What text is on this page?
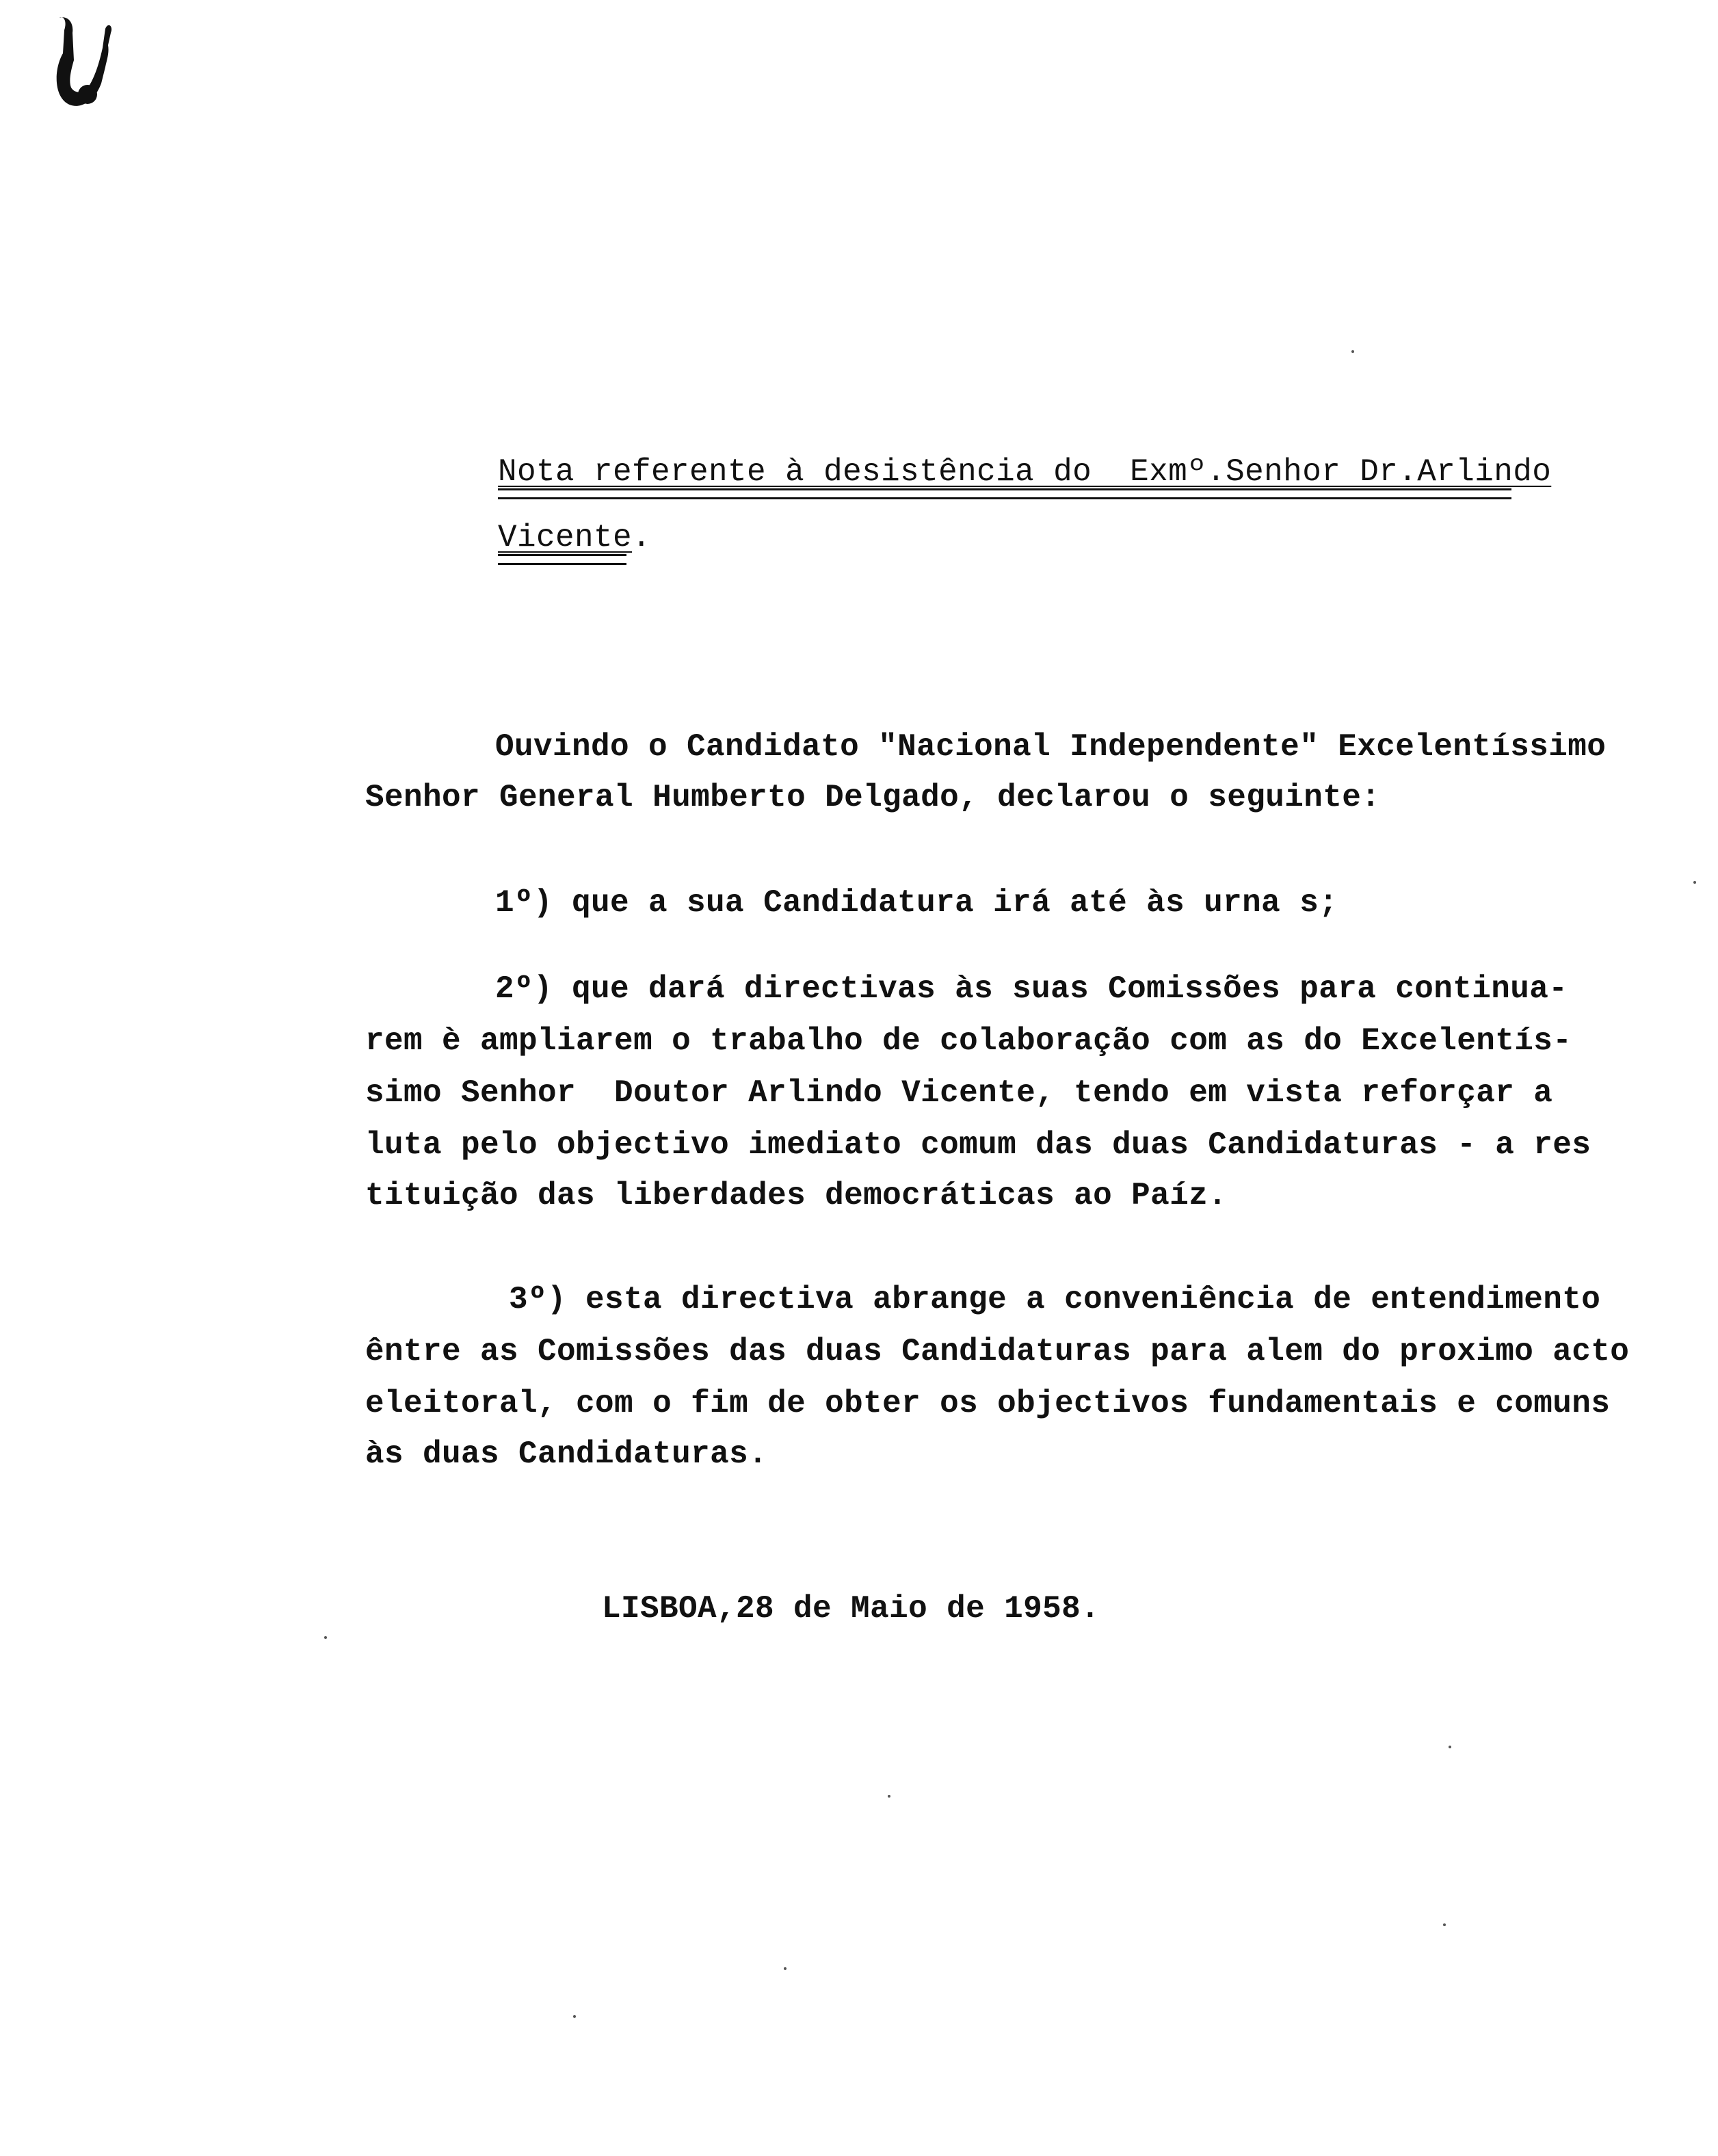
Nota referente à desistência do  Exmº.Senhor Dr.Arlindo
Vicente.
Ouvindo o Candidato "Nacional Independente" Excelentíssimo
Senhor General Humberto Delgado, declarou o seguinte:
1º) que a sua Candidatura irá até às urna s;
2º) que dará directivas às suas Comissões para continua-
rem è ampliarem o trabalho de colaboração com as do Excelentís-
simo Senhor  Doutor Arlindo Vicente, tendo em vista reforçar a
luta pelo objectivo imediato comum das duas Candidaturas - a res
tituição das liberdades democráticas ao Paíz.
3º) esta directiva abrange a conveniência de entendimento
êntre as Comissões das duas Candidaturas para alem do proximo acto
eleitoral, com o fim de obter os objectivos fundamentais e comuns
às duas Candidaturas.
LISBOA,28 de Maio de 1958.
